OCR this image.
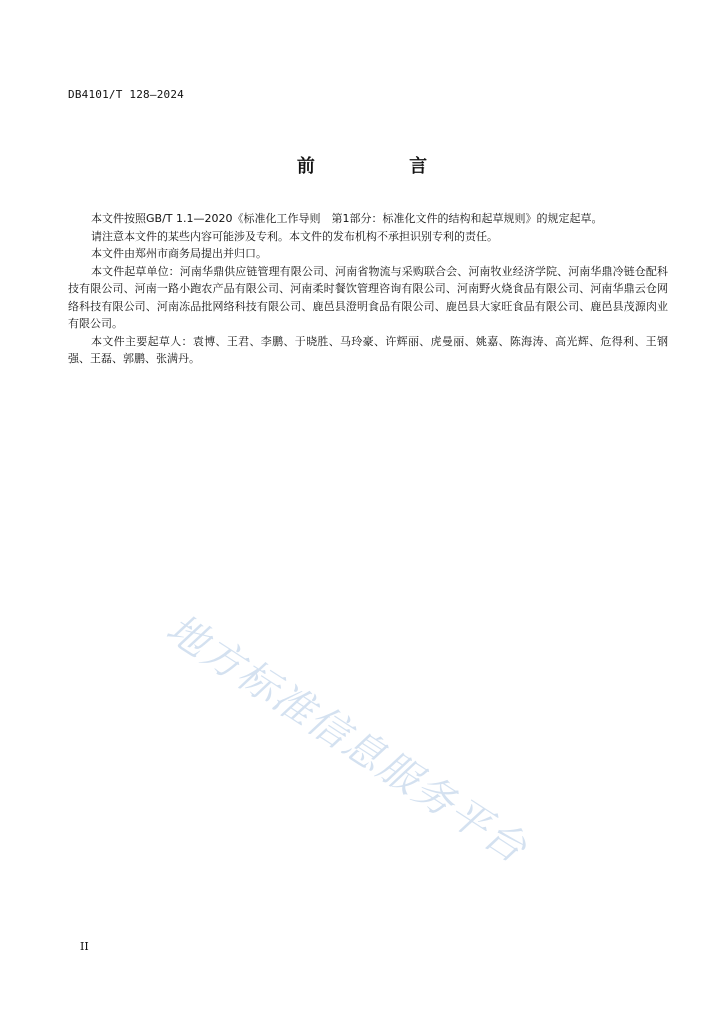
DB4101/T 128—2024
前 言

本文件按照GB/T 1.1—2020《标准化工作导则　第1部分：标准化文件的结构和起草规则》的规定起草。

请注意本文件的某些内容可能涉及专利。本文件的发布机构不承担识别专利的责任。

本文件由郑州市商务局提出并归口。

本文件起草单位：河南华鼎供应链管理有限公司、河南省物流与采购联合会、河南牧业经济学院、河南华鼎冷链仓配科技有限公司、河南一路小跑农产品有限公司、河南柔时餐饮管理咨询有限公司、河南野火烧食品有限公司、河南华鼎云仓网络科技有限公司、河南冻品批网络科技有限公司、鹿邑县澄明食品有限公司、鹿邑县大家旺食品有限公司、鹿邑县茂源肉业有限公司。

本文件主要起草人：袁博、王君、李鹏、于晓胜、马玲豪、许辉丽、虎曼丽、姚嘉、陈海涛、高光辉、危得利、王钢强、王磊、郭鹏、张满丹。

地方标准信息服务平台
II
